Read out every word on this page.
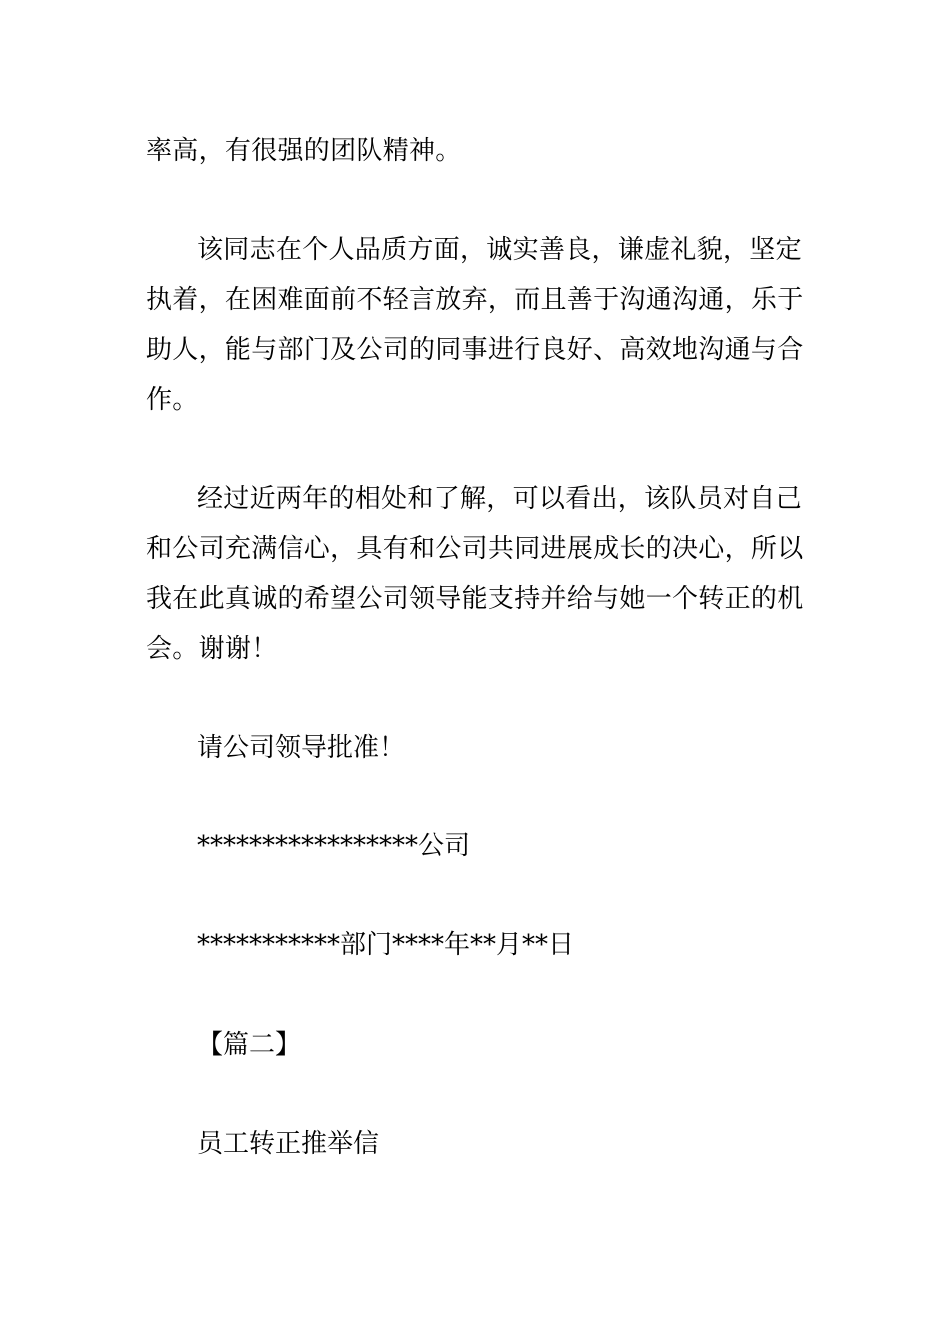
率高，有很强的团队精神。
该同志在个人品质方面，诚实善良，谦虚礼貌，坚定
执着，在困难面前不轻言放弃，而且善于沟通沟通，乐于
助人，能与部门及公司的同事进行良好、高效地沟通与合
作。
经过近两年的相处和了解，可以看出，该队员对自己
和公司充满信心，具有和公司共同进展成长的决心，所以
我在此真诚的希望公司领导能支持并给与她一个转正的机
会。谢谢！
请公司领导批准！
*****************公司
***********部门****年**月**日
【篇二】
员工转正推举信
